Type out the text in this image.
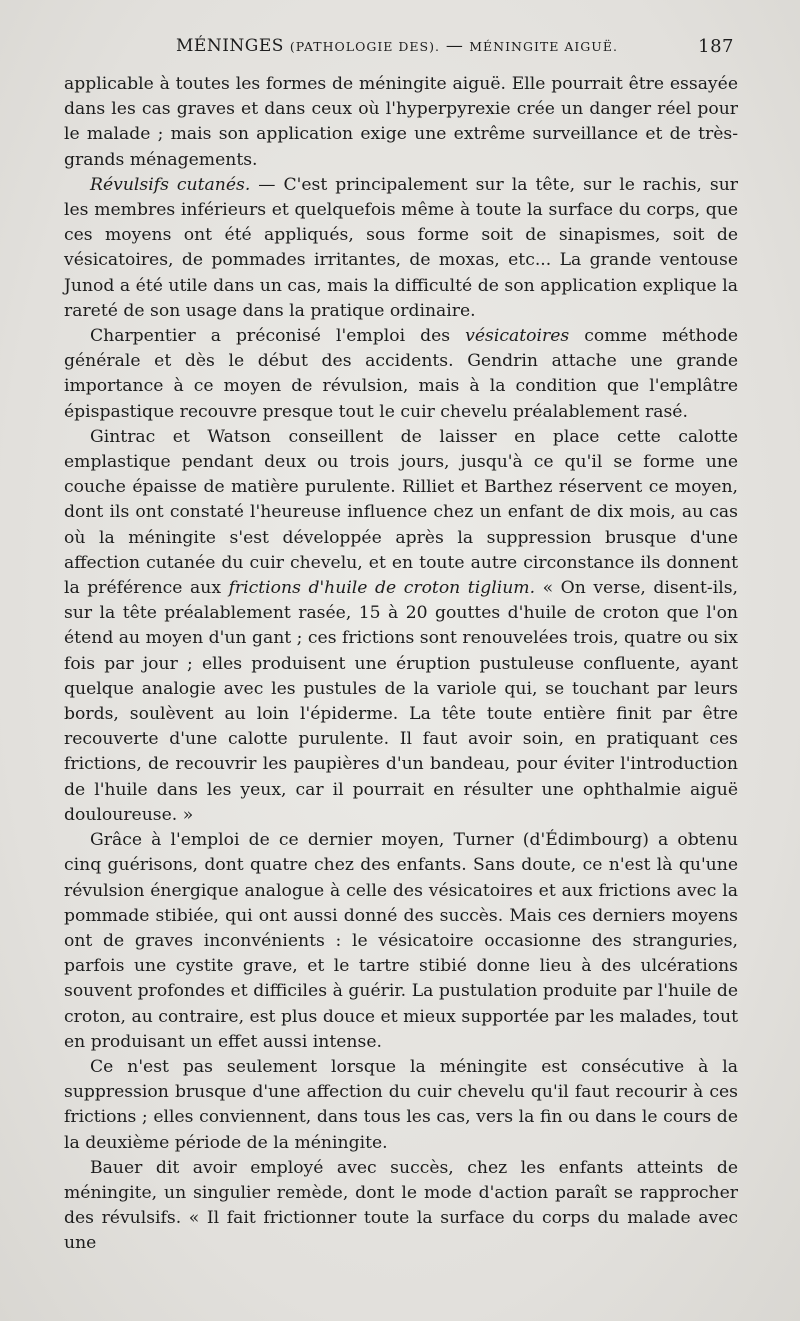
MÉNINGES (PATHOLOGIE DES). — MÉNINGITE AIGUË.	187

applicable à toutes les formes de méningite aiguë. Elle pourrait être essayée dans les cas graves et dans ceux où l'hyperpyrexie crée un danger réel pour le malade ; mais son application exige une extrême surveillance et de très-grands ménagements.

Révulsifs cutanés. — C'est principalement sur la tête, sur le rachis, sur les membres inférieurs et quelquefois même à toute la surface du corps, que ces moyens ont été appliqués, sous forme soit de sinapismes, soit de vésicatoires, de pommades irritantes, de moxas, etc... La grande ventouse Junod a été utile dans un cas, mais la difficulté de son application explique la rareté de son usage dans la pratique ordinaire.

Charpentier a préconisé l'emploi des vésicatoires comme méthode générale et dès le début des accidents. Gendrin attache une grande importance à ce moyen de révulsion, mais à la condition que l'emplâtre épispastique recouvre presque tout le cuir chevelu préalablement rasé.

Gintrac et Watson conseillent de laisser en place cette calotte emplastique pendant deux ou trois jours, jusqu'à ce qu'il se forme une couche épaisse de matière purulente. Rilliet et Barthez réservent ce moyen, dont ils ont constaté l'heureuse influence chez un enfant de dix mois, au cas où la méningite s'est développée après la suppression brusque d'une affection cutanée du cuir chevelu, et en toute autre circonstance ils donnent la préférence aux frictions d'huile de croton tiglium. « On verse, disent-ils, sur la tête préalablement rasée, 15 à 20 gouttes d'huile de croton que l'on étend au moyen d'un gant ; ces frictions sont renouvelées trois, quatre ou six fois par jour ; elles produisent une éruption pustuleuse confluente, ayant quelque analogie avec les pustules de la variole qui, se touchant par leurs bords, soulèvent au loin l'épiderme. La tête toute entière finit par être recouverte d'une calotte purulente. Il faut avoir soin, en pratiquant ces frictions, de recouvrir les paupières d'un bandeau, pour éviter l'introduction de l'huile dans les yeux, car il pourrait en résulter une ophthalmie aiguë douloureuse. »

Grâce à l'emploi de ce dernier moyen, Turner (d'Édimbourg) a obtenu cinq guérisons, dont quatre chez des enfants. Sans doute, ce n'est là qu'une révulsion énergique analogue à celle des vésicatoires et aux frictions avec la pommade stibiée, qui ont aussi donné des succès. Mais ces derniers moyens ont de graves inconvénients : le vésicatoire occasionne des stranguries, parfois une cystite grave, et le tartre stibié donne lieu à des ulcérations souvent profondes et difficiles à guérir. La pustulation produite par l'huile de croton, au contraire, est plus douce et mieux supportée par les malades, tout en produisant un effet aussi intense.

Ce n'est pas seulement lorsque la méningite est consécutive à la suppression brusque d'une affection du cuir chevelu qu'il faut recourir à ces frictions ; elles conviennent, dans tous les cas, vers la fin ou dans le cours de la deuxième période de la méningite.

Bauer dit avoir employé avec succès, chez les enfants atteints de méningite, un singulier remède, dont le mode d'action paraît se rapprocher des révulsifs. « Il fait frictionner toute la surface du corps du malade avec une
